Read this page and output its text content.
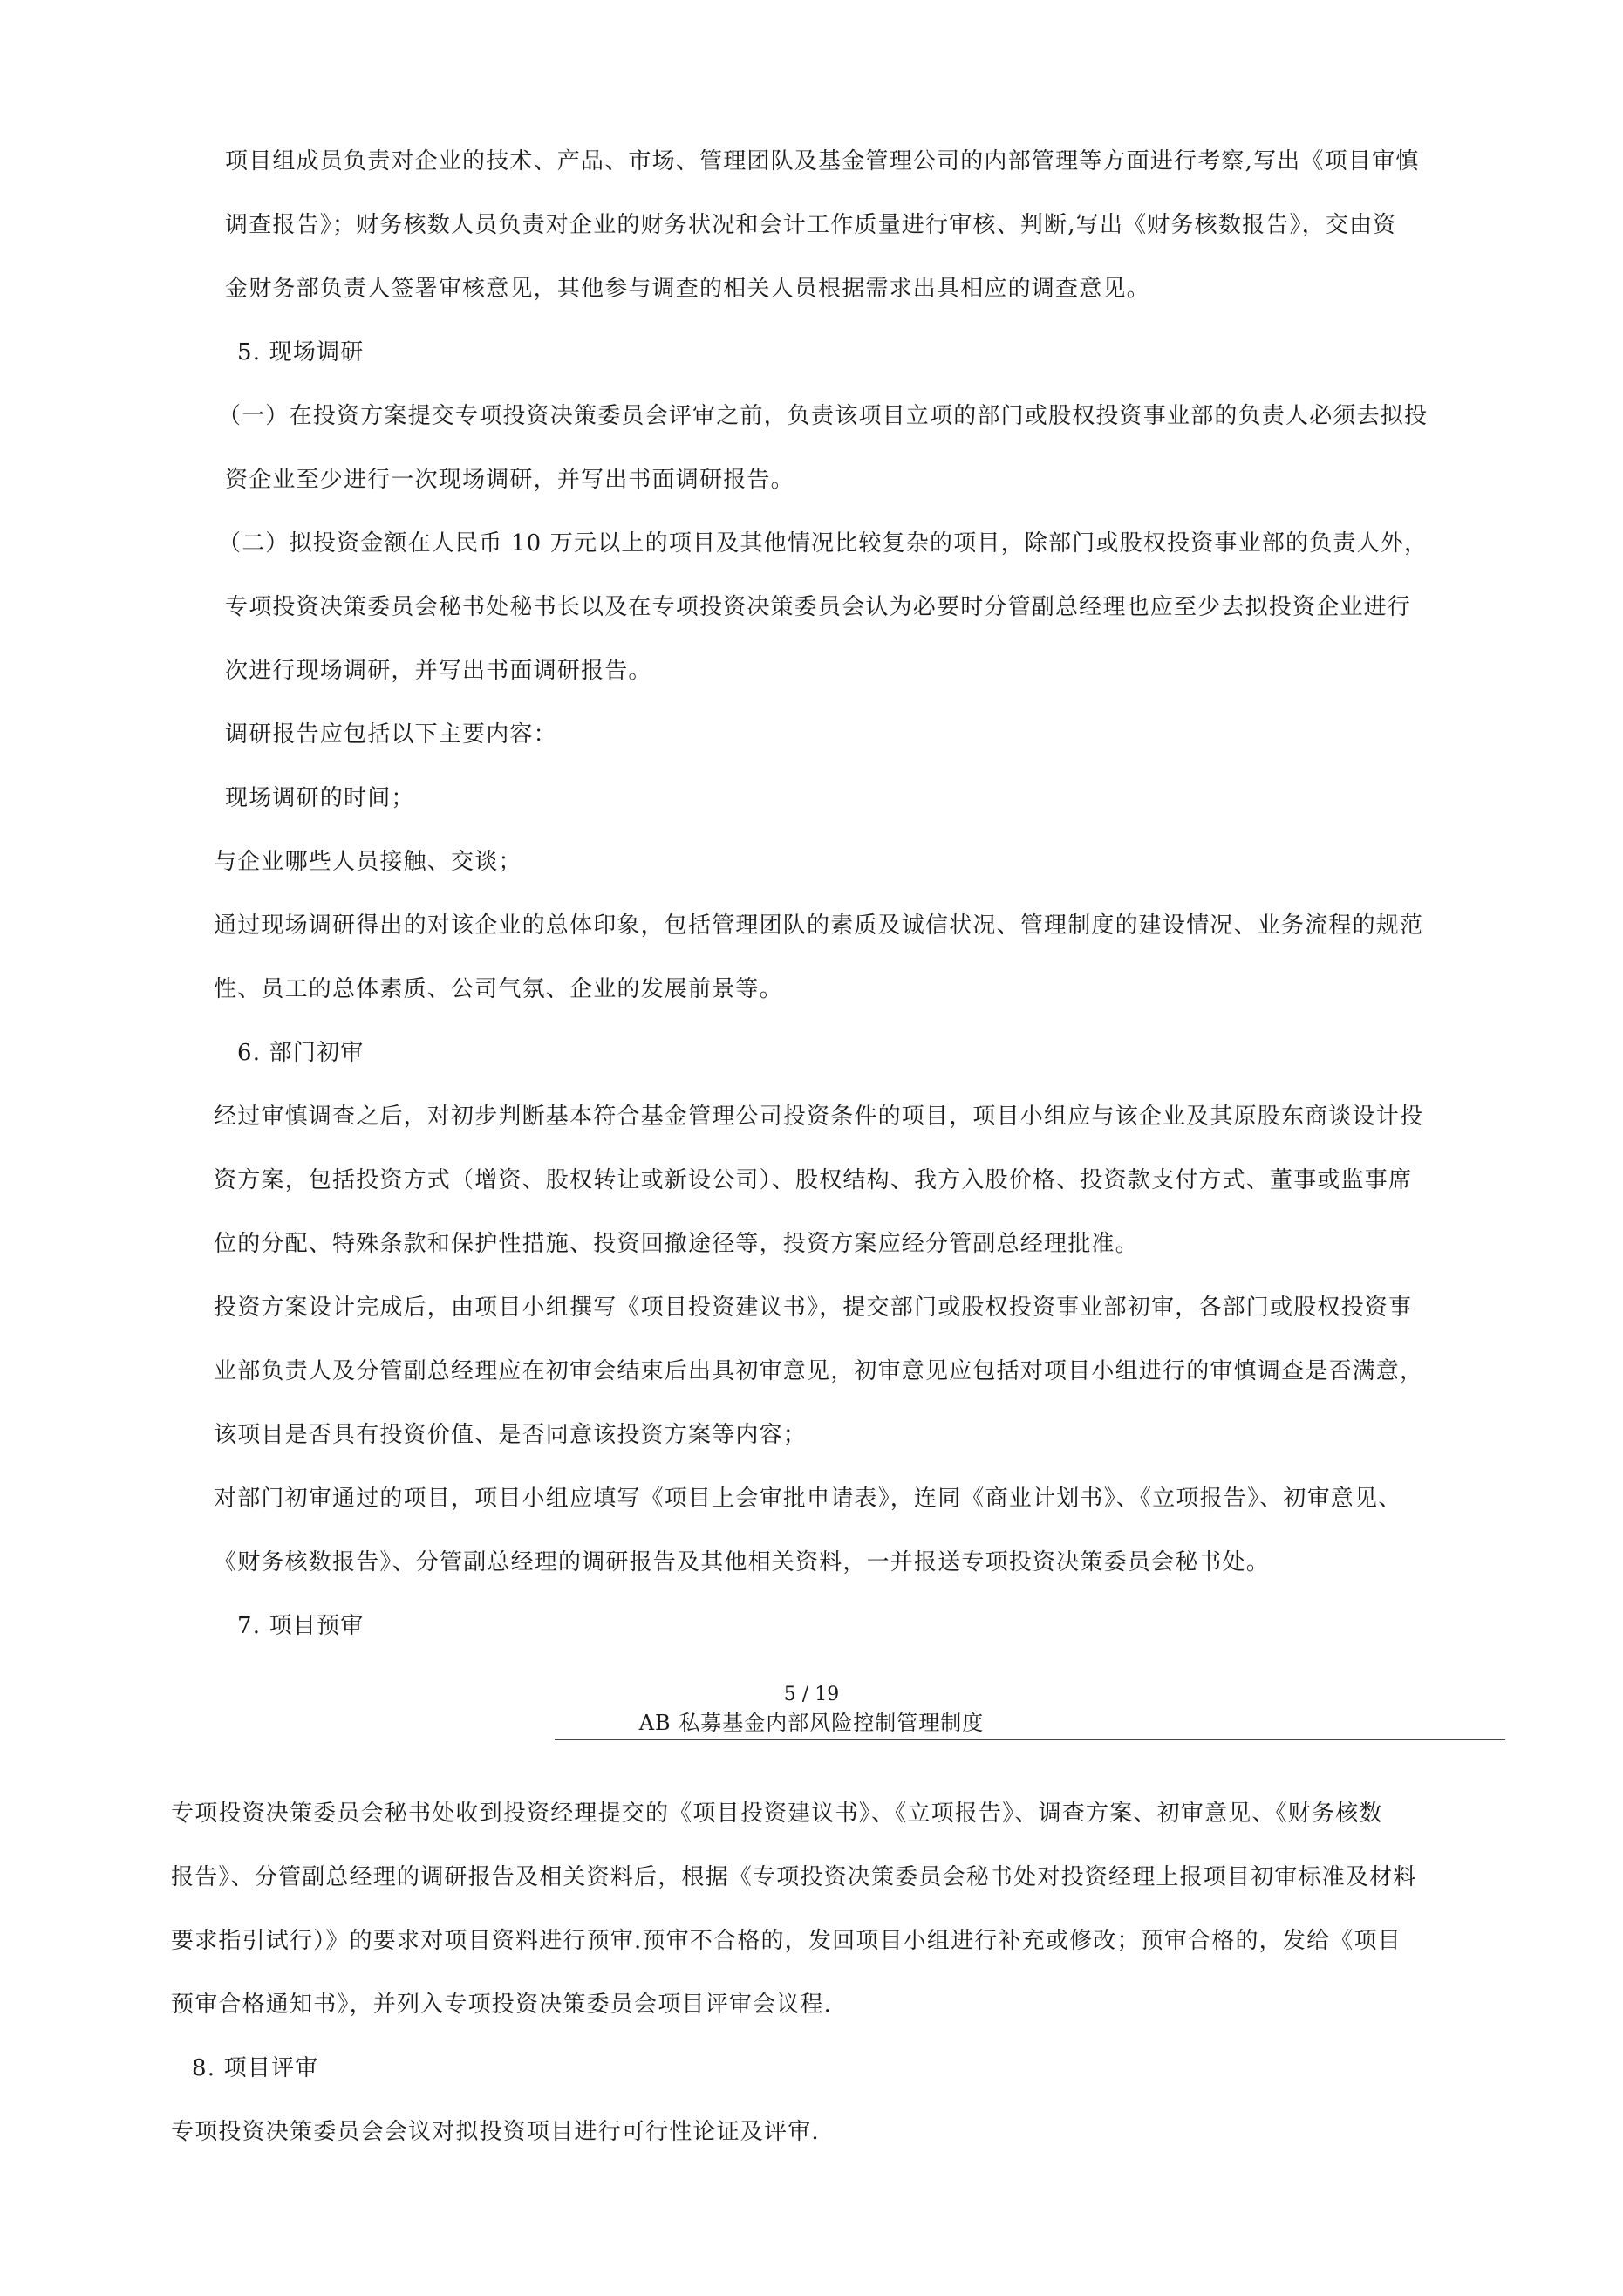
项目组成员负责对企业的技术、产品、市场、管理团队及基金管理公司的内部管理等方面进行考察,写出《项目审慎
调查报告》；财务核数人员负责对企业的财务状况和会计工作质量进行审核、判断,写出《财务核数报告》，交由资
金财务部负责人签署审核意见，其他参与调查的相关人员根据需求出具相应的调查意见。
5. 现场调研
（一）在投资方案提交专项投资决策委员会评审之前，负责该项目立项的部门或股权投资事业部的负责人必须去拟投
资企业至少进行一次现场调研，并写出书面调研报告。
（二）拟投资金额在人民币 10 万元以上的项目及其他情况比较复杂的项目，除部门或股权投资事业部的负责人外，
专项投资决策委员会秘书处秘书长以及在专项投资决策委员会认为必要时分管副总经理也应至少去拟投资企业进行
次进行现场调研，并写出书面调研报告。
调研报告应包括以下主要内容：
现场调研的时间；
与企业哪些人员接触、交谈；
通过现场调研得出的对该企业的总体印象，包括管理团队的素质及诚信状况、管理制度的建设情况、业务流程的规范
性、员工的总体素质、公司气氛、企业的发展前景等。
6. 部门初审
经过审慎调查之后，对初步判断基本符合基金管理公司投资条件的项目，项目小组应与该企业及其原股东商谈设计投
资方案，包括投资方式（增资、股权转让或新设公司）、股权结构、我方入股价格、投资款支付方式、董事或监事席
位的分配、特殊条款和保护性措施、投资回撤途径等，投资方案应经分管副总经理批准。
投资方案设计完成后，由项目小组撰写《项目投资建议书》，提交部门或股权投资事业部初审，各部门或股权投资事
业部负责人及分管副总经理应在初审会结束后出具初审意见，初审意见应包括对项目小组进行的审慎调查是否满意，
该项目是否具有投资价值、是否同意该投资方案等内容；
对部门初审通过的项目，项目小组应填写《项目上会审批申请表》，连同《商业计划书》、《立项报告》、初审意见、
《财务核数报告》、分管副总经理的调研报告及其他相关资料，一并报送专项投资决策委员会秘书处。
7. 项目预审
5 / 19
AB 私募基金内部风险控制管理制度
专项投资决策委员会秘书处收到投资经理提交的《项目投资建议书》、《立项报告》、调查方案、初审意见、《财务核数
报告》、分管副总经理的调研报告及相关资料后，根据《专项投资决策委员会秘书处对投资经理上报项目初审标准及材料
要求指引试行）》的要求对项目资料进行预审.预审不合格的，发回项目小组进行补充或修改；预审合格的，发给《项目
预审合格通知书》，并列入专项投资决策委员会项目评审会议程.
8. 项目评审
专项投资决策委员会会议对拟投资项目进行可行性论证及评审.
